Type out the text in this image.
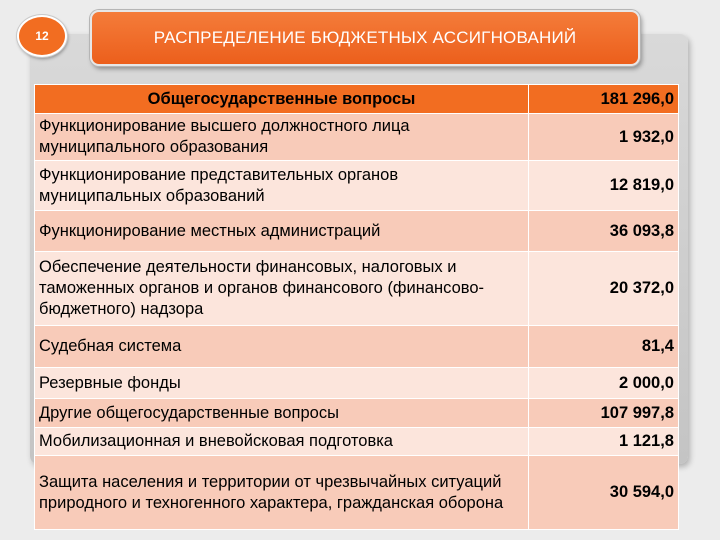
12	РАСПРЕДЕЛЕНИЕ БЮДЖЕТНЫХ АССИГНОВАНИЙ
Общегосударственные вопросы	181 296,0
Функционирование высшего должностного лица муниципального образования	1 932,0
Функционирование представительных органов муниципальных образований	12 819,0
Функционирование местных администраций	36 093,8
Обеспечение деятельности финансовых, налоговых и таможенных органов и органов финансового (финансово-бюджетного) надзора	20 372,0
Судебная система	81,4
Резервные фонды	2 000,0
Другие общегосударственные вопросы	107 997,8
Мобилизационная и вневойсковая подготовка	1 121,8
Защита населения и территории от чрезвычайных ситуаций природного и техногенного характера, гражданская оборона	30 594,0
